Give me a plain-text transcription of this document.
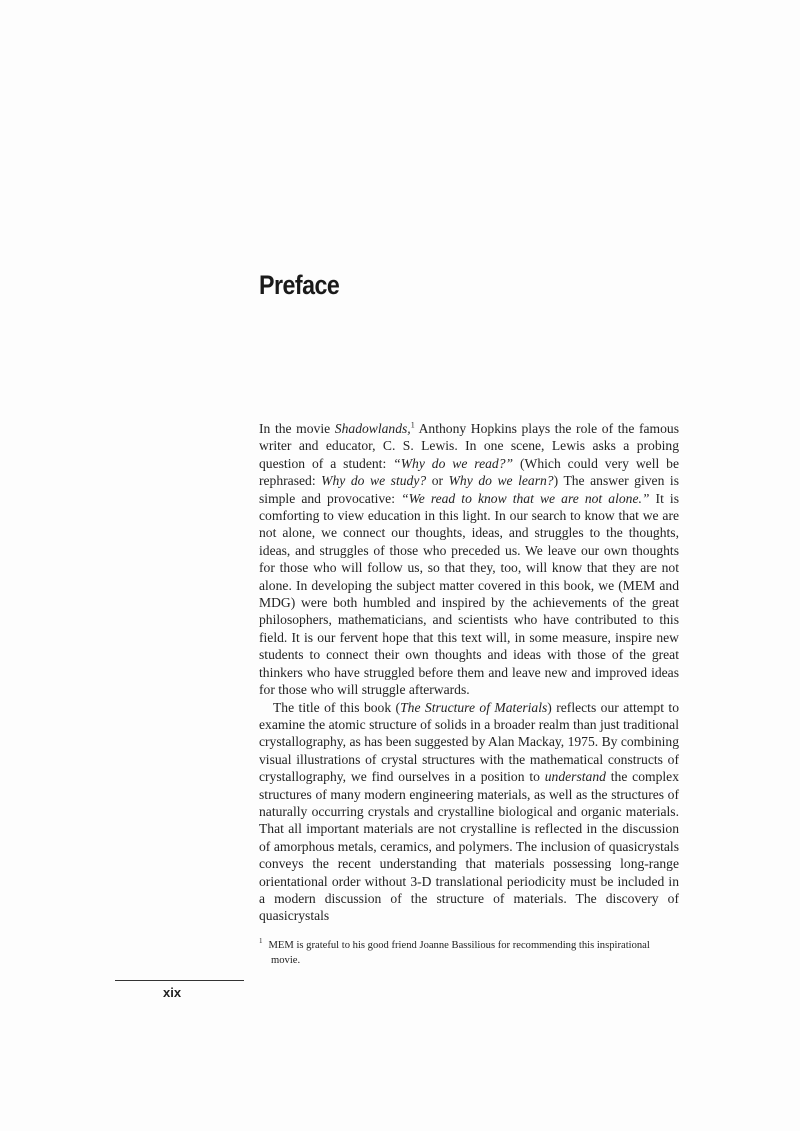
Preface

In the movie Shadowlands,$^1$ Anthony Hopkins plays the role of the famous writer and educator, C. S. Lewis. In one scene, Lewis asks a probing question of a student: “Why do we read?” (Which could very well be rephrased: Why do we study? or Why do we learn?) The answer given is simple and provocative: “We read to know that we are not alone.” It is comforting to view education in this light. In our search to know that we are not alone, we connect our thoughts, ideas, and struggles to the thoughts, ideas, and struggles of those who preceded us. We leave our own thoughts for those who will follow us, so that they, too, will know that they are not alone. In developing the subject matter covered in this book, we (MEM and MDG) were both humbled and inspired by the achievements of the great philosophers, mathematicians, and scientists who have contributed to this field. It is our fervent hope that this text will, in some measure, inspire new students to connect their own thoughts and ideas with those of the great thinkers who have struggled before them and leave new and improved ideas for those who will struggle afterwards.

The title of this book (The Structure of Materials) reflects our attempt to examine the atomic structure of solids in a broader realm than just traditional crystallography, as has been suggested by Alan Mackay, 1975. By combining visual illustrations of crystal structures with the mathematical constructs of crystallography, we find ourselves in a position to understand the complex structures of many modern engineering materials, as well as the structures of naturally occurring crystals and crystalline biological and organic materials. That all important materials are not crystalline is reflected in the discussion of amorphous metals, ceramics, and polymers. The inclusion of quasicrystals conveys the recent understanding that materials possessing long-range orientational order without 3-D translational periodicity must be included in a modern discussion of the structure of materials. The discovery of quasicrystals

$^1$ MEM is grateful to his good friend Joanne Bassilious for recommending this inspirational movie.
xix
